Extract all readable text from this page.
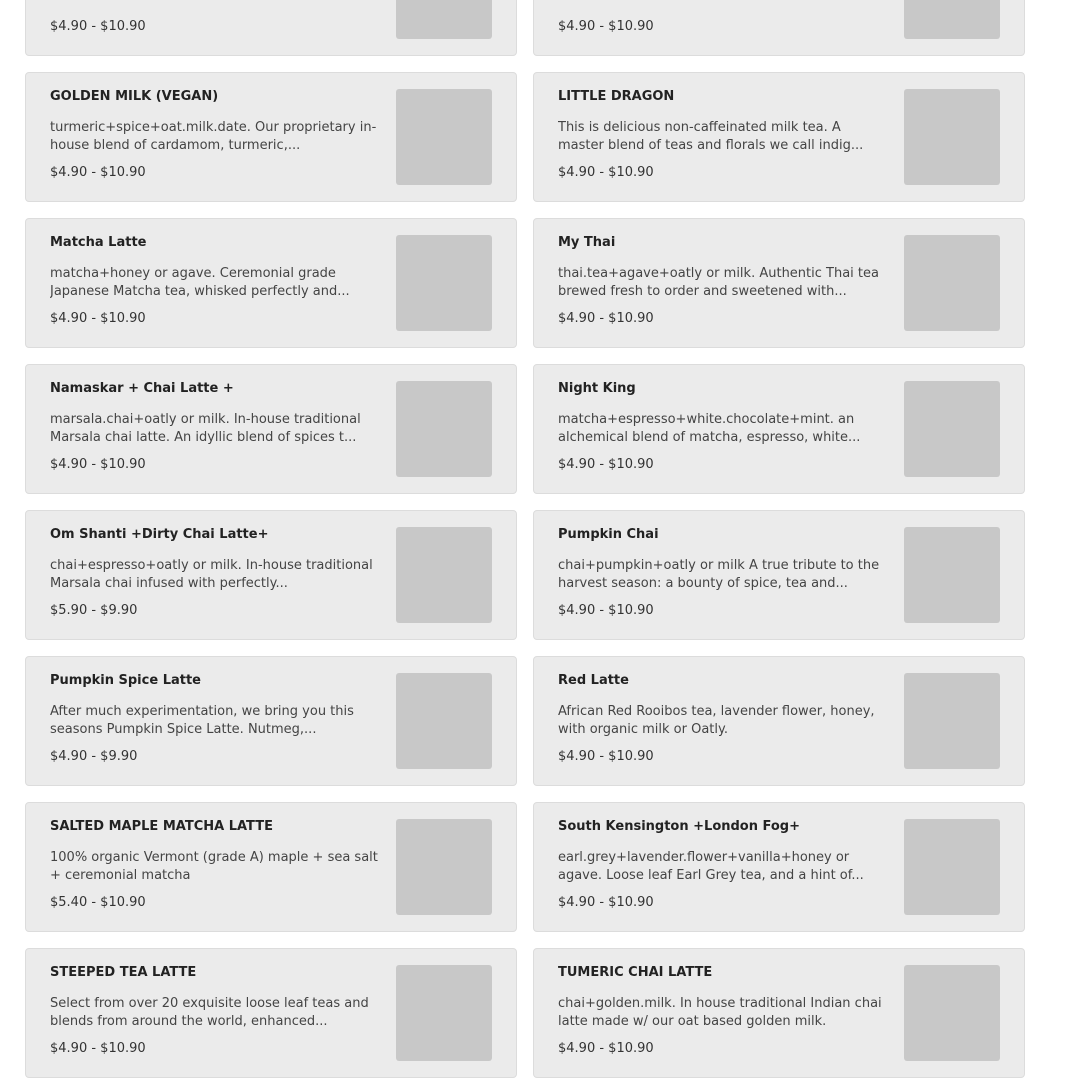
$4.90 - $10.90	$4.90 - $10.90
GOLDEN MILK (VEGAN)
turmeric+spice+oat.milk.date. Our proprietary in-house blend of cardamom, turmeric,...
$4.90 - $10.90
LITTLE DRAGON
This is delicious non-caffeinated milk tea. A master blend of teas and florals we call indig...
$4.90 - $10.90
Matcha Latte
matcha+honey or agave. Ceremonial grade Japanese Matcha tea, whisked perfectly and...
$4.90 - $10.90
My Thai
thai.tea+agave+oatly or milk. Authentic Thai tea brewed fresh to order and sweetened with...
$4.90 - $10.90
Namaskar + Chai Latte +
marsala.chai+oatly or milk. In-house traditional Marsala chai latte. An idyllic blend of spices t...
$4.90 - $10.90
Night King
matcha+espresso+white.chocolate+mint. an alchemical blend of matcha, espresso, white...
$4.90 - $10.90
Om Shanti +Dirty Chai Latte+
chai+espresso+oatly or milk. In-house traditional Marsala chai infused with perfectly...
$5.90 - $9.90
Pumpkin Chai
chai+pumpkin+oatly or milk A true tribute to the harvest season: a bounty of spice, tea and...
$4.90 - $10.90
Pumpkin Spice Latte
After much experimentation, we bring you this seasons Pumpkin Spice Latte. Nutmeg,...
$4.90 - $9.90
Red Latte
African Red Rooibos tea, lavender flower, honey, with organic milk or Oatly.
$4.90 - $10.90
SALTED MAPLE MATCHA LATTE
100% organic Vermont (grade A) maple + sea salt + ceremonial matcha
$5.40 - $10.90
South Kensington +London Fog+
earl.grey+lavender.flower+vanilla+honey or agave. Loose leaf Earl Grey tea, and a hint of...
$4.90 - $10.90
STEEPED TEA LATTE
Select from over 20 exquisite loose leaf teas and blends from around the world, enhanced...
$4.90 - $10.90
TUMERIC CHAI LATTE
chai+golden.milk. In house traditional Indian chai latte made w/ our oat based golden milk.
$4.90 - $10.90
